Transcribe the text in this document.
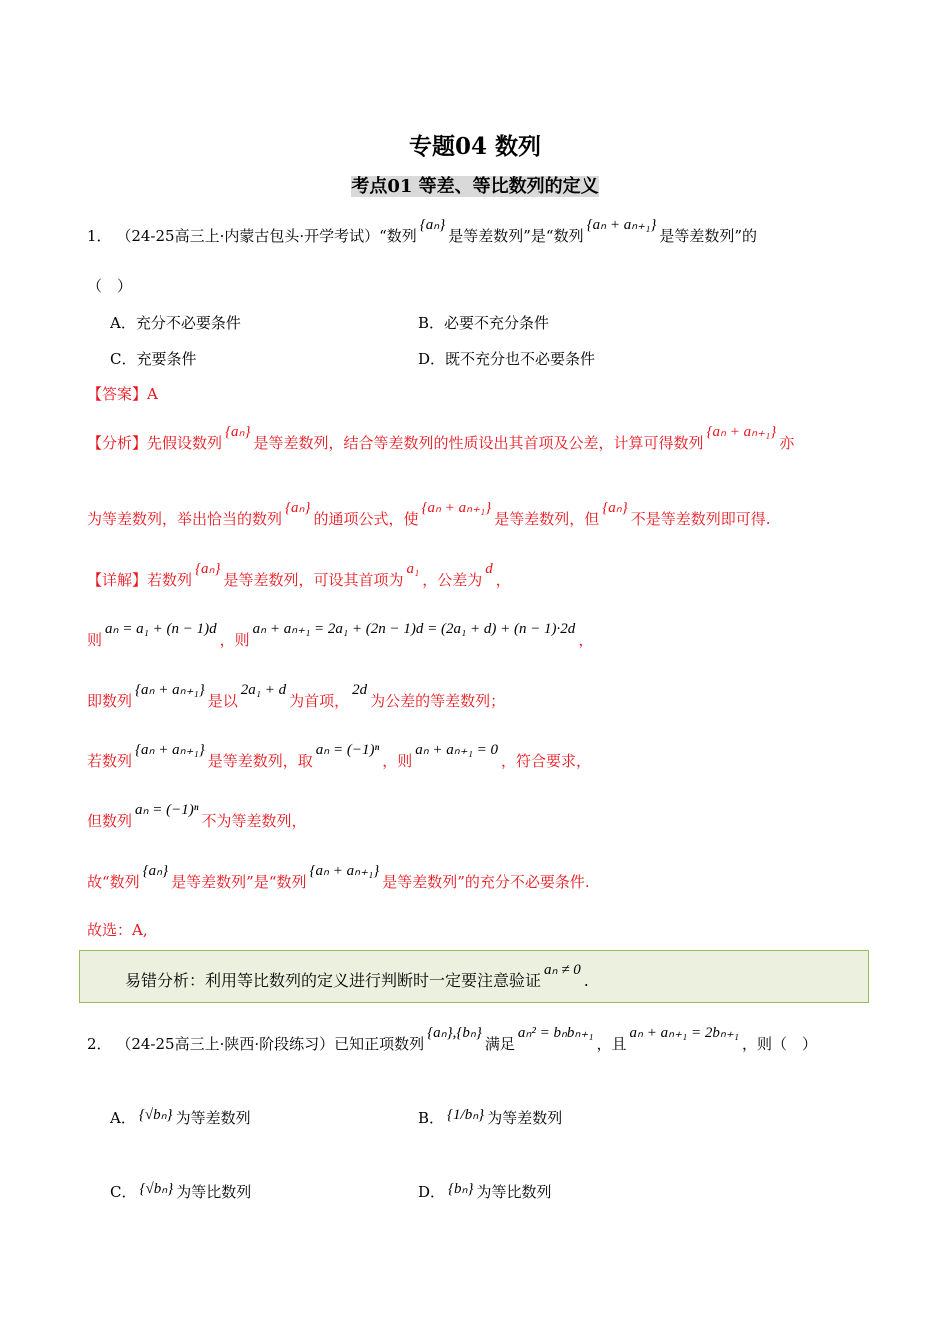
专题04 数列
考点01 等差、等比数列的定义
1． （24-25高三上·内蒙古包头·开学考试）“数列{aₙ}是等差数列”是“数列{aₙ + aₙ₊₁}是等差数列”的
（　）
A．充分不必要条件	B．必要不充分条件
C．充要条件	D．既不充分也不必要条件
【答案】A
【分析】先假设数列{aₙ}是等差数列，结合等差数列的性质设出其首项及公差，计算可得数列{aₙ + aₙ₊₁}亦
为等差数列，举出恰当的数列{aₙ}的通项公式，使{aₙ + aₙ₊₁}是等差数列，但{aₙ}不是等差数列即可得.
【详解】若数列{aₙ}是等差数列，可设其首项为a₁，公差为d，
则aₙ = a₁ + (n − 1)d，则aₙ + aₙ₊₁ = 2a₁ + (2n − 1)d = (2a₁ + d) + (n − 1)·2d，
即数列{aₙ + aₙ₊₁}是以2a₁ + d为首项，2d为公差的等差数列；
若数列{aₙ + aₙ₊₁}是等差数列，取aₙ = (−1)ⁿ，则aₙ + aₙ₊₁ = 0，符合要求，
但数列aₙ = (−1)ⁿ不为等差数列，
故“数列{aₙ}是等差数列”是“数列{aₙ + aₙ₊₁}是等差数列”的充分不必要条件.
故选：A,
易错分析：利用等比数列的定义进行判断时一定要注意验证aₙ ≠ 0.
2． （24-25高三上·陕西·阶段练习）已知正项数列{aₙ},{bₙ}满足aₙ² = bₙbₙ₊₁，且aₙ + aₙ₊₁ = 2bₙ₊₁，则（　）
A． {√bₙ} 为等差数列	B． {1/bₙ} 为等差数列
C． {√bₙ} 为等比数列	D． {bₙ} 为等比数列
